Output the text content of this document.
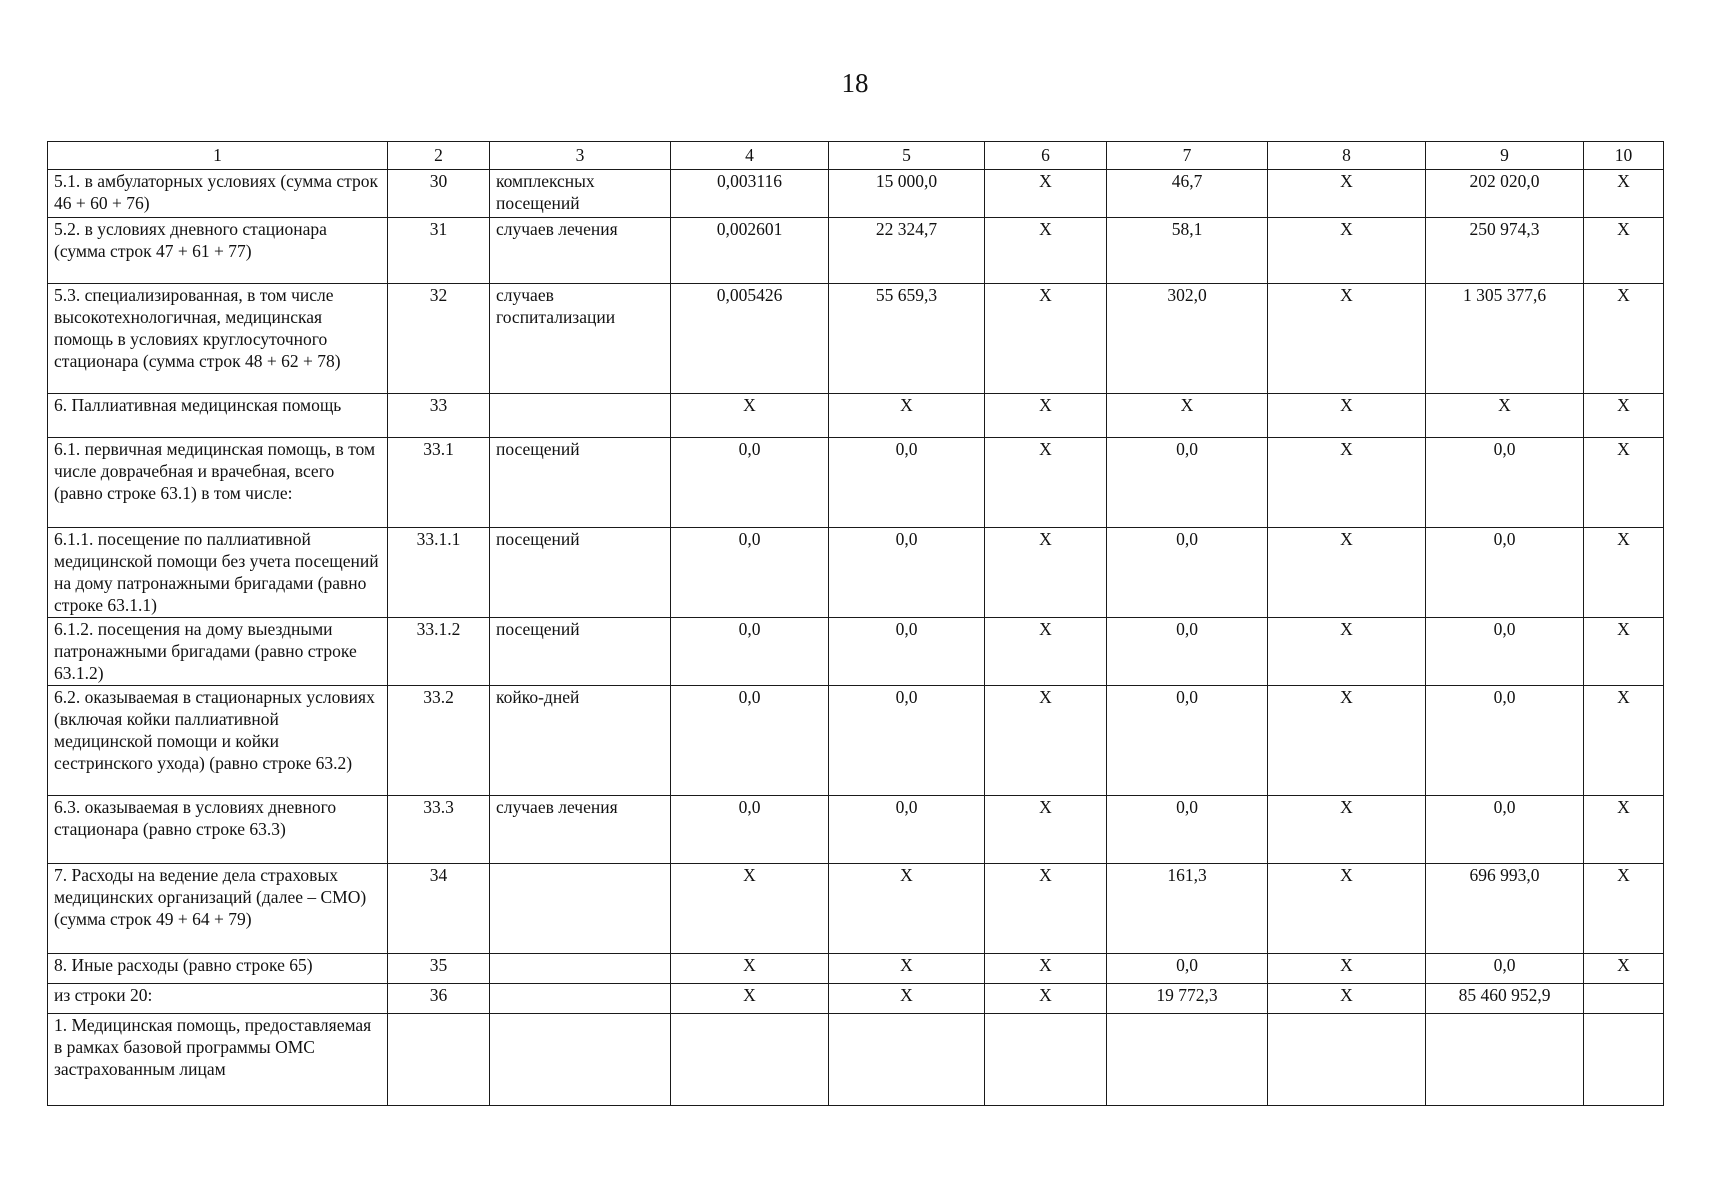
18
1	2	3	4	5	6	7	8	9	10
5.1. в амбулаторных условиях (сумма строк 46 + 60 + 76)	30	комплексных посещений	0,003116	15 000,0	X	46,7	X	202 020,0	X
5.2. в условиях дневного стационара (сумма строк 47 + 61 + 77)	31	случаев лечения	0,002601	22 324,7	X	58,1	X	250 974,3	X
5.3. специализированная, в том числе высокотехнологичная, медицинская помощь в условиях круглосуточного стационара (сумма строк 48 + 62 + 78)	32	случаев госпитализации	0,005426	55 659,3	X	302,0	X	1 305 377,6	X
6. Паллиативная медицинская помощь	33		X	X	X	X	X	X	X
6.1. первичная медицинская помощь, в том числе доврачебная и врачебная, всего (равно строке 63.1) в том числе:	33.1	посещений	0,0	0,0	X	0,0	X	0,0	X
6.1.1. посещение по паллиативной медицинской помощи без учета посещений на дому патронажными бригадами (равно строке 63.1.1)	33.1.1	посещений	0,0	0,0	X	0,0	X	0,0	X
6.1.2. посещения на дому выездными патронажными бригадами (равно строке 63.1.2)	33.1.2	посещений	0,0	0,0	X	0,0	X	0,0	X
6.2. оказываемая в стационарных условиях (включая койки паллиативной медицинской помощи и койки сестринского ухода) (равно строке 63.2)	33.2	койко-дней	0,0	0,0	X	0,0	X	0,0	X
6.3. оказываемая в условиях дневного стационара (равно строке 63.3)	33.3	случаев лечения	0,0	0,0	X	0,0	X	0,0	X
7. Расходы на ведение дела страховых медицинских организаций (далее – СМО) (сумма строк 49 + 64 + 79)	34		X	X	X	161,3	X	696 993,0	X
8. Иные расходы (равно строке 65)	35		X	X	X	0,0	X	0,0	X
из строки 20:	36		X	X	X	19 772,3	X	85 460 952,9	
1. Медицинская помощь, предоставляемая в рамках базовой программы ОМС застрахованным лицам									
